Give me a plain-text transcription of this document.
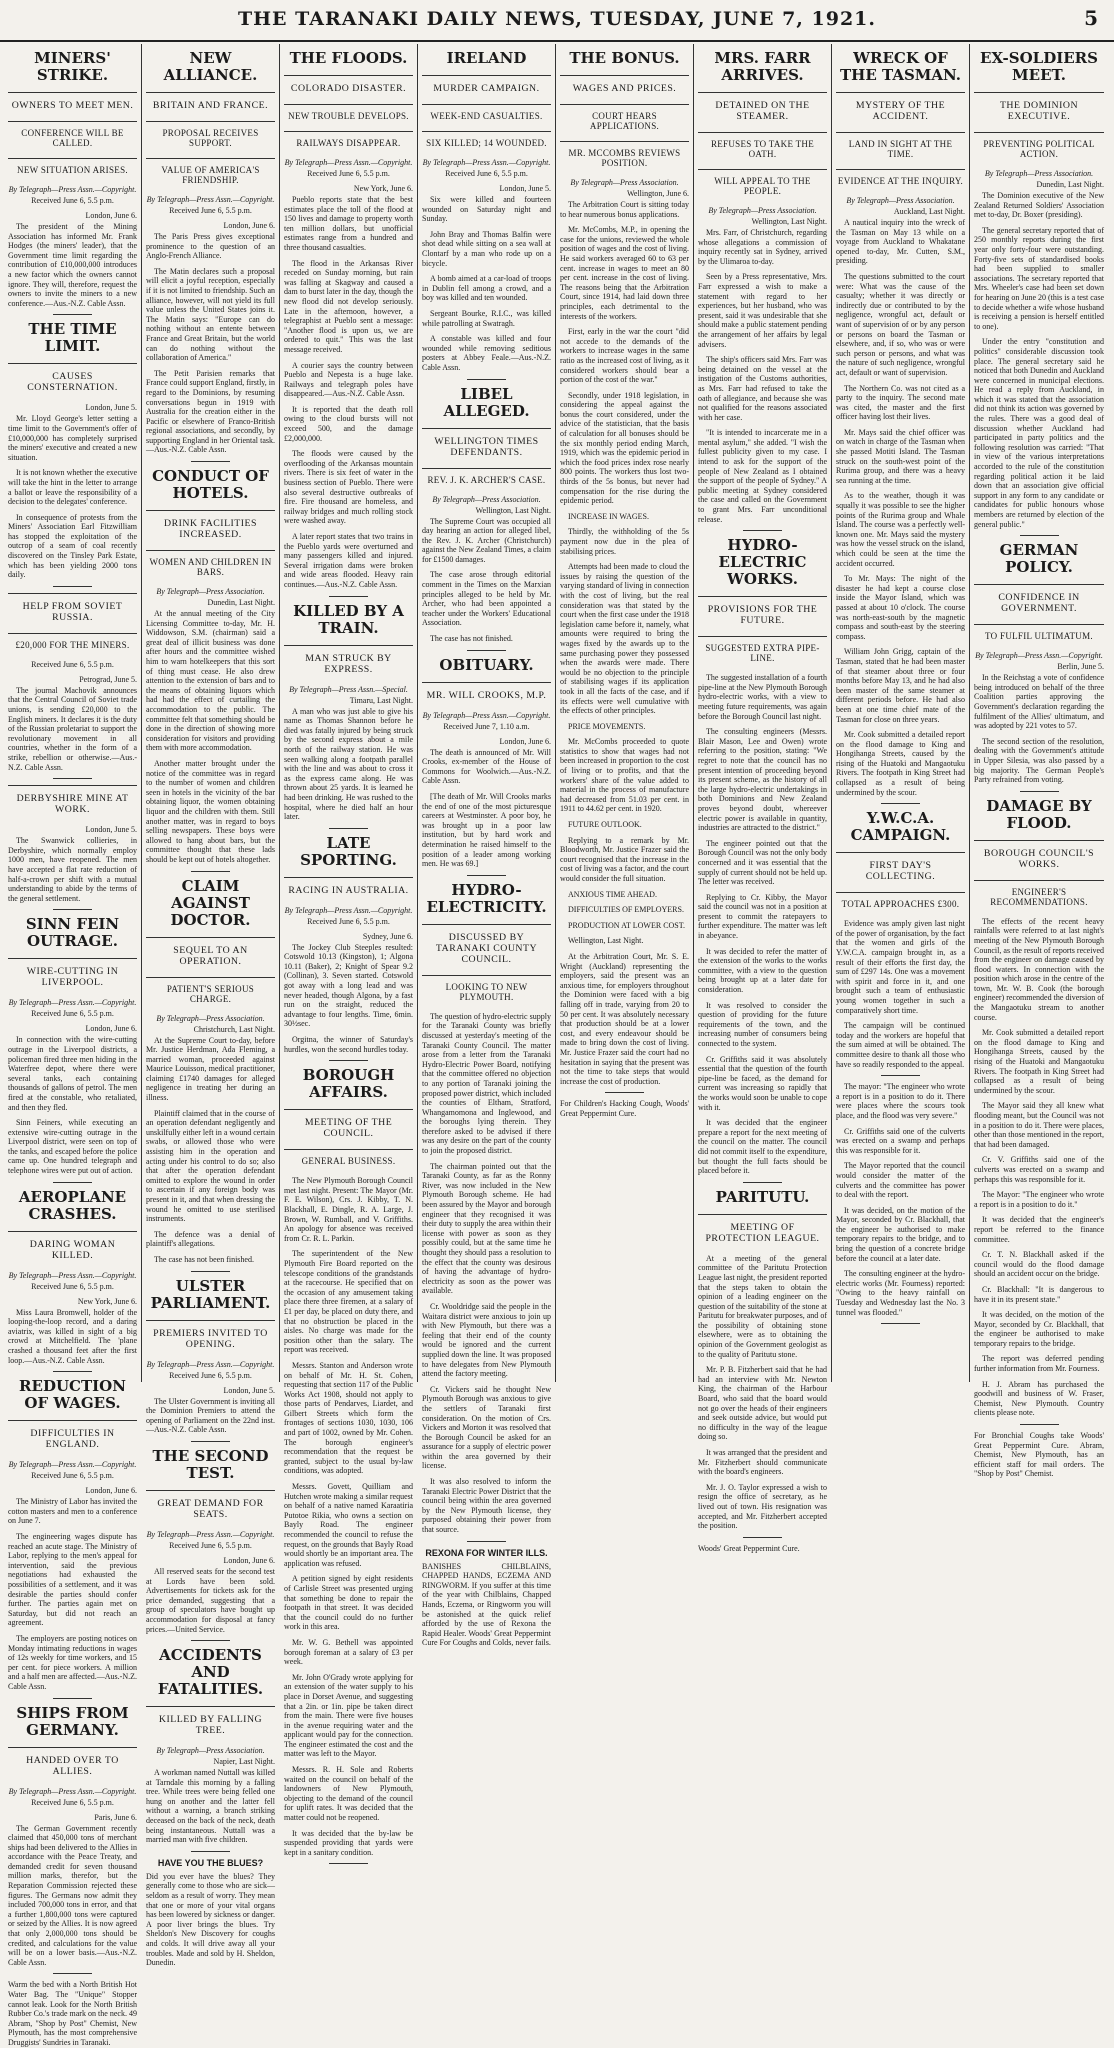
THE TARANAKI DAILY NEWS, TUESDAY, JUNE 7, 1921.	5
MINERS' STRIKE.
OWNERS TO MEET MEN.
CONFERENCE WILL BE CALLED.
NEW SITUATION ARISES.
By Telegraph—Press Assn.—Copyright.
Received June 6, 5.5 p.m.
London, June 6.

The president of the Mining Association has informed Mr. Frank Hodges (the miners' leader), that the Government time limit regarding the contribution of £10,000,000 introduces a new factor which the owners cannot ignore. They will, therefore, request the owners to invite the miners to a new conference.—Aus.-N.Z. Cable Assn.

THE TIME LIMIT.
CAUSES CONSTERNATION.
London, June 5.

Mr. Lloyd George's letter setting a time limit to the Government's offer of £10,000,000 has completely surprised the miners' executive and created a new situation.

It is not known whether the executive will take the hint in the letter to arrange a ballot or leave the responsibility of a decision to the delegates' conference.

In consequence of protests from the Miners' Association Earl Fitzwilliam has stopped the exploitation of the outcrop of a seam of coal recently discovered on the Tinsley Park Estate, which has been yielding 2000 tons daily.

HELP FROM SOVIET RUSSIA.
£20,000 FOR THE MINERS.
Received June 6, 5.5 p.m.
Petrograd, June 5.

The journal Machovik announces that the Central Council of Soviet trade unions, is sending £20,000 to the English miners. It declares it is the duty of the Russian proletariat to support the revolutionary movement in all countries, whether in the form of a strike, rebellion or otherwise.—Aus.-N.Z. Cable Assn.

DERBYSHIRE MINE AT WORK.
London, June 5.

The Swanwick collieries, in Derbyshire, which normally employ 1000 men, have reopened. The men have accepted a flat rate reduction of half-a-crown per shift with a mutual understanding to abide by the terms of the general settlement.

SINN FEIN OUTRAGE.
WIRE-CUTTING IN LIVERPOOL.
By Telegraph—Press Assn.—Copyright.
Received June 6, 5.5 p.m.
London, June 6.

In connection with the wire-cutting outrage in the Liverpool districts, a policeman fired three men hiding in the Waterfree depot, where there were several tanks, each containing thousands of gallons of petrol. The men fired at the constable, who retaliated, and then they fled.

Sinn Feiners, while executing an extensive wire-cutting outrage in the Liverpool district, were seen on top of the tanks, and escaped before the police came up. One hundred telegraph and telephone wires were put out of action.

AEROPLANE CRASHES.
DARING WOMAN KILLED.
By Telegraph—Press Assn.—Copyright.
Received June 6, 5.5 p.m.
New York, June 6.

Miss Laura Bromwell, holder of the looping-the-loop record, and a daring aviatrix, was killed in sight of a big crowd at Mitchelfield. The 'plane crashed a thousand feet after the first loop.—Aus.-N.Z. Cable Assn.

REDUCTION OF WAGES.
DIFFICULTIES IN ENGLAND.
By Telegraph—Press Assn.—Copyright.
Received June 6, 5.5 p.m.
London, June 6.

The Ministry of Labor has invited the cotton masters and men to a conference on June 7.

The engineering wages dispute has reached an acute stage. The Ministry of Labor, replying to the men's appeal for intervention, said the previous negotiations had exhausted the possibilities of a settlement, and it was desirable the parties should confer further. The parties again met on Saturday, but did not reach an agreement.

The employers are posting notices on Monday intimating reductions in wages of 12s weekly for time workers, and 15 per cent. for piece workers. A million and a half men are affected.—Aus.-N.Z. Cable Assn.

SHIPS FROM GERMANY.
HANDED OVER TO ALLIES.
By Telegraph—Press Assn.—Copyright.
Received June 6, 5.5 p.m.
Paris, June 6.

The German Government recently claimed that 450,000 tons of merchant ships had been delivered to the Allies in accordance with the Peace Treaty, and demanded credit for seven thousand million marks, therefor, but the Reparation Commission rejected these figures. The Germans now admit they included 700,000 tons in error, and that a further 1,800,000 tons were captured or seized by the Allies. It is now agreed that only 2,000,000 tons should be credited, and calculations for the value will be on a lower basis.—Aus.-N.Z. Cable Assn.

Warm the bed with a North British Hot Water Bag. The "Unique" Stopper cannot leak. Look for the North British Rubber Co.'s trade mark on the neck. 49 Abram, "Shop by Post" Chemist, New Plymouth, has the most comprehensive Druggists' Sundries in Taranaki.
NEW ALLIANCE.
BRITAIN AND FRANCE.
PROPOSAL RECEIVES SUPPORT.
VALUE OF AMERICA'S FRIENDSHIP.
By Telegraph—Press Assn.—Copyright.
Received June 6, 5.5 p.m.
London, June 6.

The Paris Press gives exceptional prominence to the question of an Anglo-French Alliance.

The Matin declares such a proposal will elicit a joyful reception, especially if it is not limited to friendship. Such an alliance, however, will not yield its full value unless the United States joins it. The Matin says: "Europe can do nothing without an entente between France and Great Britain, but the world can do nothing without the collaboration of America."

The Petit Parisien remarks that France could support England, firstly, in regard to the Dominions, by resuming conversations begun in 1919 with Australia for the creation either in the Pacific or elsewhere of Franco-British regional associations, and secondly, by supporting England in her Oriental task.—Aus.-N.Z. Cable Assn.

CONDUCT OF HOTELS.
DRINK FACILITIES INCREASED.
WOMEN AND CHILDREN IN BARS.
By Telegraph—Press Association.
Dunedin, Last Night.

At the annual meeting of the City Licensing Committee to-day, Mr. H. Widdowson, S.M. (chairman) said a great deal of illicit business was done after hours and the committee wished him to warn hotelkeepers that this sort of thing must cease. He also drew attention to the extension of bars and to the means of obtaining liquors which had had the effect of curtailing the accommodation to the public. The committee felt that something should be done in the direction of showing more consideration for visitors and providing them with more accommodation.

Another matter brought under the notice of the committee was in regard to the number of women and children seen in hotels in the vicinity of the bar obtaining liquor, the women obtaining liquor and the children with them. Still another matter, was in regard to boys selling newspapers. These boys were allowed to hang about bars, but the committee thought that these lads should be kept out of hotels altogether.

CLAIM AGAINST DOCTOR.
SEQUEL TO AN OPERATION.
PATIENT'S SERIOUS CHARGE.
By Telegraph—Press Association.
Christchurch, Last Night.

At the Supreme Court to-day, before Mr. Justice Herdman, Ada Fleming, a married woman, proceeded against Maurice Louisson, medical practitioner, claiming £1740 damages for alleged negligence in treating her during an illness.

Plaintiff claimed that in the course of an operation defendant negligently and unskilfully either left in a wound certain swabs, or allowed those who were assisting him in the operation and acting under his control to do so; also that after the operation defendant omitted to explore the wound in order to ascertain if any foreign body was present in it, and that when dressing the wound he omitted to use sterilised instruments.

The defence was a denial of plaintiff's allegations.

The case has not been finished.

ULSTER PARLIAMENT.
PREMIERS INVITED TO OPENING.
By Telegraph—Press Assn.—Copyright.
Received June 6, 5.5 p.m.
London, June 5.

The Ulster Government is inviting all the Dominion Premiers to attend the opening of Parliament on the 22nd inst.—Aus.-N.Z. Cable Assn.

THE SECOND TEST.
GREAT DEMAND FOR SEATS.
By Telegraph—Press Assn.—Copyright.
Received June 6, 5.5 p.m.
London, June 6.

All reserved seats for the second test at Lords have been sold. Advertisements for tickets ask for the price demanded, suggesting that a group of speculators have bought up accommodation for disposal at fancy prices.—United Service.

ACCIDENTS AND FATALITIES.
KILLED BY FALLING TREE.
By Telegraph—Press Association.
Napier, Last Night.

A workman named Nuttall was killed at Tarndale this morning by a falling tree. While trees were being felled one hung on another and the latter fell without a warning, a branch striking deceased on the back of the neck, death being instantaneous. Nuttall was a married man with five children.

HAVE YOU THE BLUES?
Did you ever have the blues? They generally come to those who are sick—seldom as a result of worry. They mean that one or more of your vital organs has been lowered by sickness or danger. A poor liver brings the blues. Try Sheldon's New Discovery for coughs and colds. It will drive away all your troubles. Made and sold by H. Sheldon, Dunedin.
THE FLOODS.
COLORADO DISASTER.
NEW TROUBLE DEVELOPS.
RAILWAYS DISAPPEAR.
By Telegraph—Press Assn.—Copyright.
Received June 6, 5.5 p.m.
New York, June 6.

Pueblo reports state that the best estimates place the toll of the flood at 150 lives and damage to property worth ten million dollars, but unofficial estimates range from a hundred and three thousand casualties.

The flood in the Arkansas River receded on Sunday morning, but rain was falling at Skagway and caused a dam to burst later in the day, though the new flood did not develop seriously. Late in the afternoon, however, a telegraphist at Pueblo sent a message: "Another flood is upon us, we are ordered to quit." This was the last message received.

A courier says the country between Pueblo and Nepesta is a huge lake. Railways and telegraph poles have disappeared.—Aus.-N.Z. Cable Assn.

It is reported that the death roll owing to the cloud bursts will not exceed 500, and the damage £2,000,000.

The floods were caused by the overflooding of the Arkansas mountain rivers. There is six feet of water in the business section of Pueblo. There were also several destructive outbreaks of fire. Fire thousand are homeless, and railway bridges and much rolling stock were washed away.

A later report states that two trains in the Pueblo yards were overturned and many passengers killed and injured. Several irrigation dams were broken and wide areas flooded. Heavy rain continues.—Aus.-N.Z. Cable Assn.

KILLED BY A TRAIN.
MAN STRUCK BY EXPRESS.
By Telegraph—Press Assn.—Special.
Timaru, Last Night.

A man who was just able to give his name as Thomas Shannon before he died was fatally injured by being struck by the second express about a mile north of the railway station. He was seen walking along a footpath parallel with the line and was about to cross it as the express came along. He was thrown about 25 yards. It is learned he had been drinking. He was rushed to the hospital, where he died half an hour later.

LATE SPORTING.
RACING IN AUSTRALIA.
By Telegraph—Press Assn.—Copyright.
Received June 6, 5.5 p.m.
Sydney, June 6.

The Jockey Club Steeples resulted: Cotswold 10.13 (Kingston), 1; Algona 10.11 (Baker), 2; Knight of Spear 9.2 (Collinan), 3. Seven started. Cotswold got away with a long lead and was never headed, though Algona, by a fast run on the straight, reduced the advantage to four lengths. Time, 6min. 30½sec.

Orgitna, the winner of Saturday's hurdles, won the second hurdles today.

BOROUGH AFFAIRS.
MEETING OF THE COUNCIL.
GENERAL BUSINESS.

The New Plymouth Borough Council met last night. Present: The Mayor (Mr. F. E. Wilson), Crs. J. Kibby, T. N. Blackhall, E. Dingle, R. A. Large, J. Brown, W. Rumball, and V. Griffiths. An apology for absence was received from Cr. R. L. Parkin.

The superintendent of the New Plymouth Fire Board reported on the telescope conditions of the grandstands at the racecourse. He specified that on the occasion of any amusement taking place there three firemen, at a salary of £1 per day, be placed on duty there, and that no obstruction be placed in the aisles. No charge was made for the position other than the salary. The report was received.

Messrs. Stanton and Anderson wrote on behalf of Mr. H. St. Cohen, requesting that section 117 of the Public Works Act 1908, should not apply to those parts of Pendarves, Liardet, and Gilbert Streets which form the frontages of sections 1030, 1030, 106 and part of 1002, owned by Mr. Cohen. The borough engineer's recommendation that the request be granted, subject to the usual by-law conditions, was adopted.

Messrs. Govett, Quilliam and Hutchen wrote making a similar request on behalf of a native named Karaatiria Putotoe Rikia, who owns a section on Bayly Road. The engineer recommended the council to refuse the request, on the grounds that Bayly Road would shortly be an important area. The application was refused.

A petition signed by eight residents of Carlisle Street was presented urging that something be done to repair the footpath in that street. It was decided that the council could do no further work in this area.

Mr. W. G. Bethell was appointed borough foreman at a salary of £3 per week.

Mr. John O'Grady wrote applying for an extension of the water supply to his place in Dorset Avenue, and suggesting that a 2in. or 1in. pipe be taken direct from the main. There were five houses in the avenue requiring water and the applicant would pay for the connection. The engineer estimated the cost and the matter was left to the Mayor.

Messrs. R. H. Sole and Roberts waited on the council on behalf of the landowners of New Plymouth, objecting to the demand of the council for uplift rates. It was decided that the matter could not be reopened.

It was decided that the by-law be suspended providing that yards were kept in a sanitary condition.

IRELAND
MURDER CAMPAIGN.
WEEK-END CASUALTIES.
SIX KILLED; 14 WOUNDED.
By Telegraph—Press Assn.—Copyright.
Received June 6, 5.5 p.m.
London, June 5.

Six were killed and fourteen wounded on Saturday night and Sunday.

John Bray and Thomas Balfin were shot dead while sitting on a sea wall at Clontarf by a man who rode up on a bicycle.

A bomb aimed at a car-load of troops in Dublin fell among a crowd, and a boy was killed and ten wounded.

Sergeant Bourke, R.I.C., was killed while patrolling at Swatragh.

A constable was killed and four wounded while removing seditious posters at Abbey Feale.—Aus.-N.Z. Cable Assn.

LIBEL ALLEGED.
WELLINGTON TIMES DEFENDANTS.
REV. J. K. ARCHER'S CASE.
By Telegraph—Press Association.
Wellington, Last Night.

The Supreme Court was occupied all day hearing an action for alleged libel, the Rev. J. K. Archer (Christchurch) against the New Zealand Times, a claim for £1500 damages.

The case arose through editorial comment in the Times on the Marxian principles alleged to be held by Mr. Archer, who had been appointed a teacher under the Workers' Educational Association.

The case has not finished.

OBITUARY.
MR. WILL CROOKS, M.P.
By Telegraph—Press Assn.—Copyright.
Received June 7, 1.10 a.m.
London, June 6.

The death is announced of Mr. Will Crooks, ex-member of the House of Commons for Woolwich.—Aus.-N.Z. Cable Assn.

[The death of Mr. Will Crooks marks the end of one of the most picturesque careers at Westminster. A poor boy, he was brought up in a poor law institution, but by hard work and determination he raised himself to the position of a leader among working men. He was 69.]

HYDRO-ELECTRICITY.
DISCUSSED BY TARANAKI COUNTY COUNCIL.
LOOKING TO NEW PLYMOUTH.

The question of hydro-electric supply for the Taranaki County was briefly discussed at yesterday's meeting of the Taranaki County Council. The matter arose from a letter from the Taranaki Hydro-Electric Power Board, notifying that the committee offered no objection to any portion of Taranaki joining the proposed power district, which included the counties of Eltham, Stratford, Whangamomona and Inglewood, and the boroughs lying therein. They therefore asked to be advised if there was any desire on the part of the county to join the proposed district.

The chairman pointed out that the Taranaki County, as far as the Ronny River, was now included in the New Plymouth Borough scheme. He had been assured by the Mayor and borough engineer that they recognised it was their duty to supply the area within their license with power as soon as they possibly could, but at the same time he thought they should pass a resolution to the effect that the county was desirous of having the advantage of hydro-electricity as soon as the power was available.

Cr. Wooldridge said the people in the Waitara district were anxious to join up with New Plymouth, but there was a feeling that their end of the county would be ignored and the current supplied down the line. It was proposed to have delegates from New Plymouth attend the factory meeting.

Cr. Vickers said he thought New Plymouth Borough was anxious to give the settlers of Taranaki first consideration. On the motion of Crs. Vickers and Morton it was resolved that the Borough Council be asked for an assurance for a supply of electric power within the area governed by their license.

It was also resolved to inform the Taranaki Electric Power District that the council being within the area governed by the New Plymouth license, they purposed obtaining their power from that source.

REXONA FOR WINTER ILLS.
BANISHES CHILBLAINS, CHAPPED HANDS, ECZEMA AND RINGWORM. If you suffer at this time of the year with Chilblains, Chapped Hands, Eczema, or Ringworm you will be astonished at the quick relief afforded by the use of Rexona the Rapid Healer. Woods' Great Peppermint Cure For Coughs and Colds, never fails.
THE BONUS.
WAGES AND PRICES.
COURT HEARS APPLICATIONS.
MR. MCCOMBS REVIEWS POSITION.
By Telegraph—Press Association.
Wellington, June 6.

The Arbitration Court is sitting today to hear numerous bonus applications.

Mr. McCombs, M.P., in opening the case for the unions, reviewed the whole position of wages and the cost of living. He said workers averaged 60 to 63 per cent. increase in wages to meet an 80 per cent. increase in the cost of living. The reasons being that the Arbitration Court, since 1914, had laid down three principles, each detrimental to the interests of the workers.

First, early in the war the court "did not accede to the demands of the workers to increase wages in the same ratio as the increased cost of living, as it considered workers should bear a portion of the cost of the war."

Secondly, under 1918 legislation, in considering the appeal against the bonus the court considered, under the advice of the statistician, that the basis of calculation for all bonuses should be the six monthly period ending March, 1919, which was the epidemic period in which the food prices index rose nearly 800 points. The workers thus lost two-thirds of the 5s bonus, but never had compensation for the rise during the epidemic period.

INCREASE IN WAGES.

Thirdly, the withholding of the 5s payment now due in the plea of stabilising prices.

Attempts had been made to cloud the issues by raising the question of the varying standard of living in connection with the cost of living, but the real consideration was that stated by the court when the first case under the 1918 legislation came before it, namely, what amounts were required to bring the wages fixed by the awards up to the same purchasing power they possessed when the awards were made. There would be no objection to the principle of stabilising wages if its application took in all the facts of the case, and if its effects were well cumulative with the effects of other principles.

PRICE MOVEMENTS.

Mr. McCombs proceeded to quote statistics to show that wages had not been increased in proportion to the cost of living or to profits, and that the workers' share of the value added to material in the process of manufacture had decreased from 51.03 per cent. in 1911 to 44.62 per cent. in 1920.

FUTURE OUTLOOK.

Replying to a remark by Mr. Bloodworth, Mr. Justice Frazer said the court recognised that the increase in the cost of living was a factor, and the court would consider the full situation.

ANXIOUS TIME AHEAD.

DIFFICULTIES OF EMPLOYERS.

PRODUCTION AT LOWER COST.

Wellington, Last Night.

At the Arbitration Court, Mr. S. E. Wright (Auckland) representing the employers, said the present was an anxious time, for employers throughout the Dominion were faced with a big falling off in trade, varying from 20 to 50 per cent. It was absolutely necessary that production should be at a lower cost, and every endeavour should be made to bring down the cost of living. Mr. Justice Frazer said the court had no hesitation in saying that the present was not the time to take steps that would increase the cost of production.

For Children's Hacking Cough, Woods' Great Peppermint Cure.
MRS. FARR ARRIVES.
DETAINED ON THE STEAMER.
REFUSES TO TAKE THE OATH.
WILL APPEAL TO THE PEOPLE.
By Telegraph—Press Association.
Wellington, Last Night.

Mrs. Farr, of Christchurch, regarding whose allegations a commission of inquiry recently sat in Sydney, arrived by the Ulimaroa to-day.

Seen by a Press representative, Mrs. Farr expressed a wish to make a statement with regard to her experiences, but her husband, who was present, said it was undesirable that she should make a public statement pending the arrangement of her affairs by legal advisers.

The ship's officers said Mrs. Farr was being detained on the vessel at the instigation of the Customs authorities, as Mrs. Farr had refused to take the oath of allegiance, and because she was not qualified for the reasons associated with her case.

"It is intended to incarcerate me in a mental asylum," she added. "I wish the fullest publicity given to my case. I intend to ask for the support of the people of New Zealand as I obtained the support of the people of Sydney." A public meeting at Sydney considered the case and called on the Government to grant Mrs. Farr unconditional release.

HYDRO-ELECTRIC WORKS.
PROVISIONS FOR THE FUTURE.
SUGGESTED EXTRA PIPE-LINE.

The suggested installation of a fourth pipe-line at the New Plymouth Borough hydro-electric works, with a view to meeting future requirements, was again before the Borough Council last night.

The consulting engineers (Messrs. Blair Mason, Lee and Owen) wrote referring to the position, stating: "We regret to note that the council has no present intention of proceeding beyond its present scheme, as the history of all the large hydro-electric undertakings in both Dominions and New Zealand proves beyond doubt, whereever electric power is available in quantity, industries are attracted to the district."

The engineer pointed out that the Borough Council was not the only body concerned and it was essential that the supply of current should not be held up. The letter was received.

Replying to Cr. Kibby, the Mayor said the council was not in a position at present to commit the ratepayers to further expenditure. The matter was left in abeyance.

It was decided to refer the matter of the extension of the works to the works committee, with a view to the question being brought up at a later date for consideration.

It was resolved to consider the question of providing for the future requirements of the town, and the increasing number of consumers being connected to the system.

Cr. Griffiths said it was absolutely essential that the question of the fourth pipe-line be faced, as the demand for current was increasing so rapidly that the works would soon be unable to cope with it.

It was decided that the engineer prepare a report for the next meeting of the council on the matter. The council did not commit itself to the expenditure, but thought the full facts should be placed before it.

PARITUTU.
MEETING OF PROTECTION LEAGUE.

At a meeting of the general committee of the Paritutu Protection League last night, the president reported that the steps taken to obtain the opinion of a leading engineer on the question of the suitability of the stone at Paritutu for breakwater purposes, and of the possibility of obtaining stone elsewhere, were as to obtaining the opinion of the Government geologist as to the quality of Paritutu stone.

Mr. P. B. Fitzherbert said that he had had an interview with Mr. Newton King, the chairman of the Harbour Board, who said that the board would not go over the heads of their engineers and seek outside advice, but would put no difficulty in the way of the league doing so.

It was arranged that the president and Mr. Fitzherbert should communicate with the board's engineers.

Mr. J. O. Taylor expressed a wish to resign the office of secretary, as he lived out of town. His resignation was accepted, and Mr. Fitzherbert accepted the position.

Woods' Great Peppermint Cure.
WRECK OF THE TASMAN.
MYSTERY OF THE ACCIDENT.
LAND IN SIGHT AT THE TIME.
EVIDENCE AT THE INQUIRY.
By Telegraph—Press Association.
Auckland, Last Night.

A nautical inquiry into the wreck of the Tasman on May 13 while on a voyage from Auckland to Whakatane opened to-day, Mr. Cutten, S.M., presiding.

The questions submitted to the court were: What was the cause of the casualty; whether it was directly or indirectly due or contributed to by the negligence, wrongful act, default or want of supervision of or by any person or persons on board the Tasman or elsewhere, and, if so, who was or were such person or persons, and what was the nature of such negligence, wrongful act, default or want of supervision.

The Northern Co. was not cited as a party to the inquiry. The second mate was cited, the master and the first officer having lost their lives.

Mr. Mays said the chief officer was on watch in charge of the Tasman when she passed Motiti Island. The Tasman struck on the south-west point of the Rurima group, and there was a heavy sea running at the time.

As to the weather, though it was squally it was possible to see the higher points of the Rurima group and Whale Island. The course was a perfectly well-known one. Mr. Mays said the mystery was how the vessel struck on the island, which could be seen at the time the accident occurred.

To Mr. Mays: The night of the disaster he had kept a course close inside the Mayor Island, which was passed at about 10 o'clock. The course was north-east-south by the magnetic compass and south-east by the steering compass.

William John Grigg, captain of the Tasman, stated that he had been master of that steamer about three or four months before May 13, and he had also been master of the same steamer at different periods before. He had also been at one time chief mate of the Tasman for close on three years.

Mr. Cook submitted a detailed report on the flood damage to King and Hongihanga Streets, caused by the rising of the Huatoki and Mangaotuku Rivers. The footpath in King Street had collapsed as a result of being undermined by the scour.

Y.W.C.A. CAMPAIGN.
FIRST DAY'S COLLECTING.
TOTAL APPROACHES £300.

Evidence was amply given last night of the power of organisation, by the fact that the women and girls of the Y.W.C.A. campaign brought in, as a result of their efforts the first day, the sum of £297 14s. One was a movement with spirit and force in it, and one brought such a team of enthusiastic young women together in such a comparatively short time.

The campaign will be continued today and the workers are hopeful that the sum aimed at will be obtained. The committee desire to thank all those who have so readily responded to the appeal.

The mayor: "The engineer who wrote a report is in a position to do it. There were places where the scours took place, and the flood was very severe."

Cr. Griffiths said one of the culverts was erected on a swamp and perhaps this was responsible for it.

The Mayor reported that the council would consider the matter of the culverts and the committee has power to deal with the report.

It was decided, on the motion of the Mayor, seconded by Cr. Blackhall, that the engineer be authorised to make temporary repairs to the bridge, and to bring the question of a concrete bridge before the council at a later date.

The consulting engineer at the hydro-electric works (Mr. Fourness) reported: "Owing to the heavy rainfall on Tuesday and Wednesday last the No. 3 tunnel was flooded."

EX-SOLDIERS MEET.
THE DOMINION EXECUTIVE.
PREVENTING POLITICAL ACTION.
By Telegraph—Press Association.
Dunedin, Last Night.

The Dominion executive of the New Zealand Returned Soldiers' Association met to-day, Dr. Boxer (presiding).

The general secretary reported that of 250 monthly reports during the first year only forty-four were outstanding. Forty-five sets of standardised books had been supplied to smaller associations. The secretary reported that Mrs. Wheeler's case had been set down for hearing on June 20 (this is a test case to decide whether a wife whose husband is receiving a pension is herself entitled to one).

Under the entry "constitution and politics" considerable discussion took place. The general secretary said he noticed that both Dunedin and Auckland were concerned in municipal elections. He read a reply from Auckland, in which it was stated that the association did not think its action was governed by the rules. There was a good deal of discussion whether Auckland had participated in party politics and the following resolution was carried: "That in view of the various interpretations accorded to the rule of the constitution regarding political action it be laid down that an association give official support in any form to any candidate or candidates for public honours whose members are returned by election of the general public."

GERMAN POLICY.
CONFIDENCE IN GOVERNMENT.
TO FULFIL ULTIMATUM.
By Telegraph—Press Assn.—Copyright.
Berlin, June 5.

In the Reichstag a vote of confidence being introduced on behalf of the three Coalition parties approving the Government's declaration regarding the fulfilment of the Allies' ultimatum, and was adopted by 221 votes to 57.

The second section of the resolution, dealing with the Government's attitude in Upper Silesia, was also passed by a big majority. The German People's Party refrained from voting.

DAMAGE BY FLOOD.
BOROUGH COUNCIL'S WORKS.
ENGINEER'S RECOMMENDATIONS.

The effects of the recent heavy rainfalls were referred to at last night's meeting of the New Plymouth Borough Council, as the result of reports received from the engineer on damage caused by flood waters. In connection with the position which arose in the centre of the town, Mr. W. B. Cook (the borough engineer) recommended the diversion of the Mangaotuku stream to another course.

Mr. Cook submitted a detailed report on the flood damage to King and Hongihanga Streets, caused by the rising of the Huatoki and Mangaotuku Rivers. The footpath in King Street had collapsed as a result of being undermined by the scour.

The Mayor said they all knew what flooding meant, but the Council was not in a position to do it. There were places, other than those mentioned in the report, that had been damaged.

Cr. V. Griffiths said one of the culverts was erected on a swamp and perhaps this was responsible for it.

The Mayor: "The engineer who wrote a report is in a position to do it."

It was decided that the engineer's report be referred to the finance committee.

Cr. T. N. Blackhall asked if the council would do the flood damage should an accident occur on the bridge.

Cr. Blackhall: "It is dangerous to have it in its present state."

It was decided, on the motion of the Mayor, seconded by Cr. Blackhall, that the engineer be authorised to make temporary repairs to the bridge.

The report was deferred pending further information from Mr. Fourness.

H. J. Abram has purchased the goodwill and business of W. Fraser, Chemist, New Plymouth. Country clients please note.

For Bronchial Coughs take Woods' Great Peppermint Cure. Abram, Chemist, New Plymouth, has an efficient staff for mail orders. The "Shop by Post" Chemist.
